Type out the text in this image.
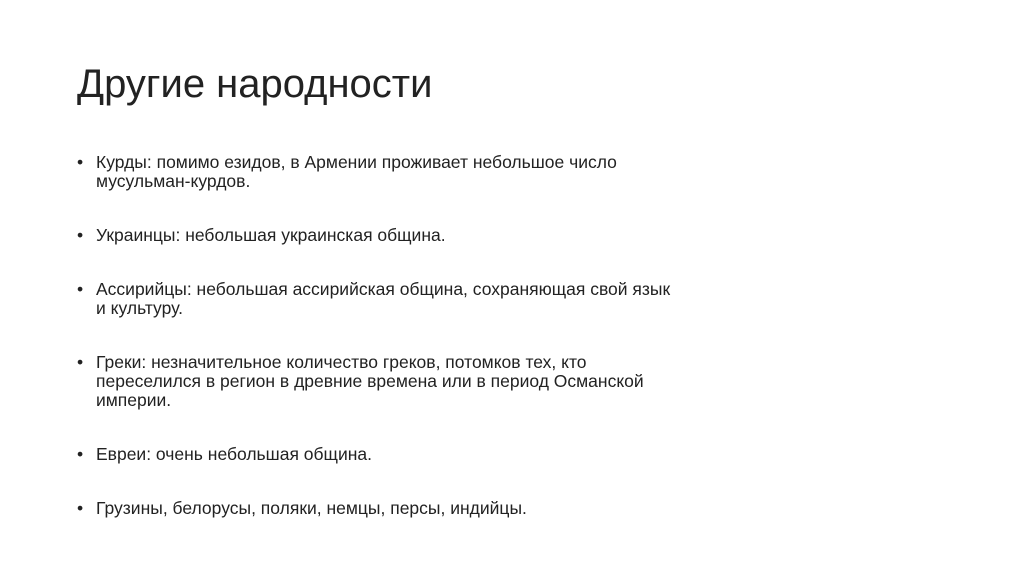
Другие народности
• Курды: помимо езидов, в Армении проживает небольшое число
мусульман-курдов.
• Украинцы: небольшая украинская община.
• Ассирийцы: небольшая ассирийская община, сохраняющая свой язык
и культуру.
• Греки: незначительное количество греков, потомков тех, кто
переселился в регион в древние времена или в период Османской
империи.
• Евреи: очень небольшая община.
• Грузины, белорусы, поляки, немцы, персы, индийцы.
